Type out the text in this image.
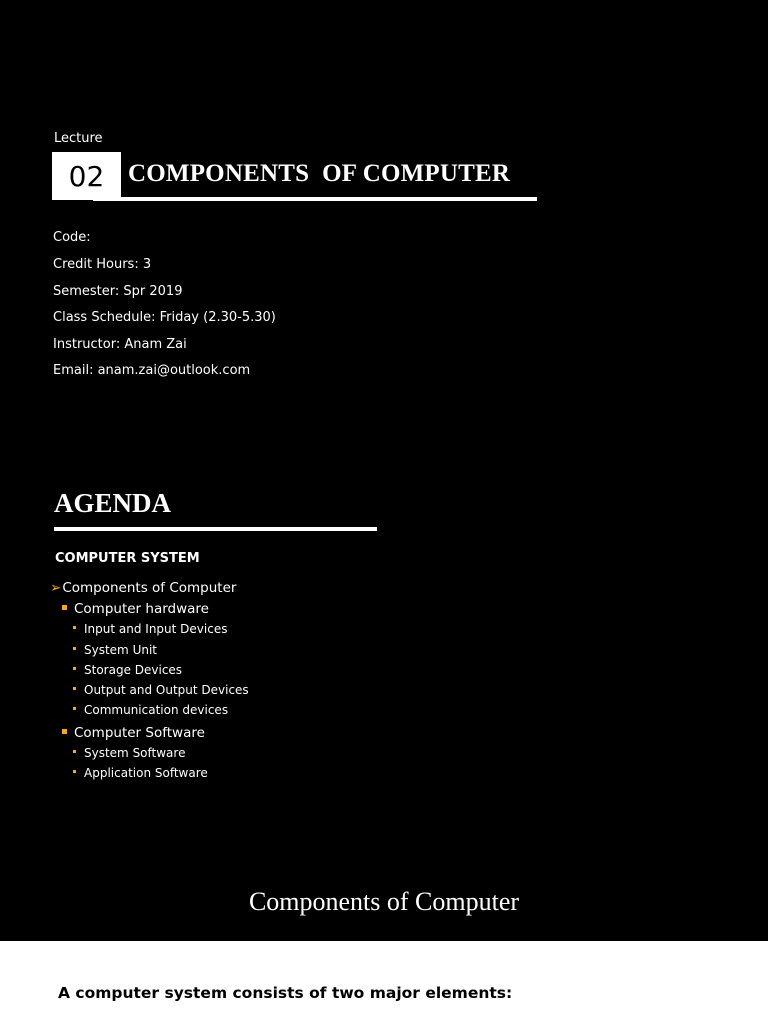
Lecture
02 COMPONENTS  OF COMPUTER
Code:
Credit Hours: 3
Semester: Spr 2019
Class Schedule: Friday (2.30-5.30)
Instructor: Anam Zai
Email: anam.zai@outlook.com
AGENDA
COMPUTER SYSTEM
➢Components of Computer
Computer hardware
Input and Input Devices
System Unit
Storage Devices
Output and Output Devices
Communication devices
Computer Software
System Software
Application Software
Components of Computer
A computer system consists of two major elements:
